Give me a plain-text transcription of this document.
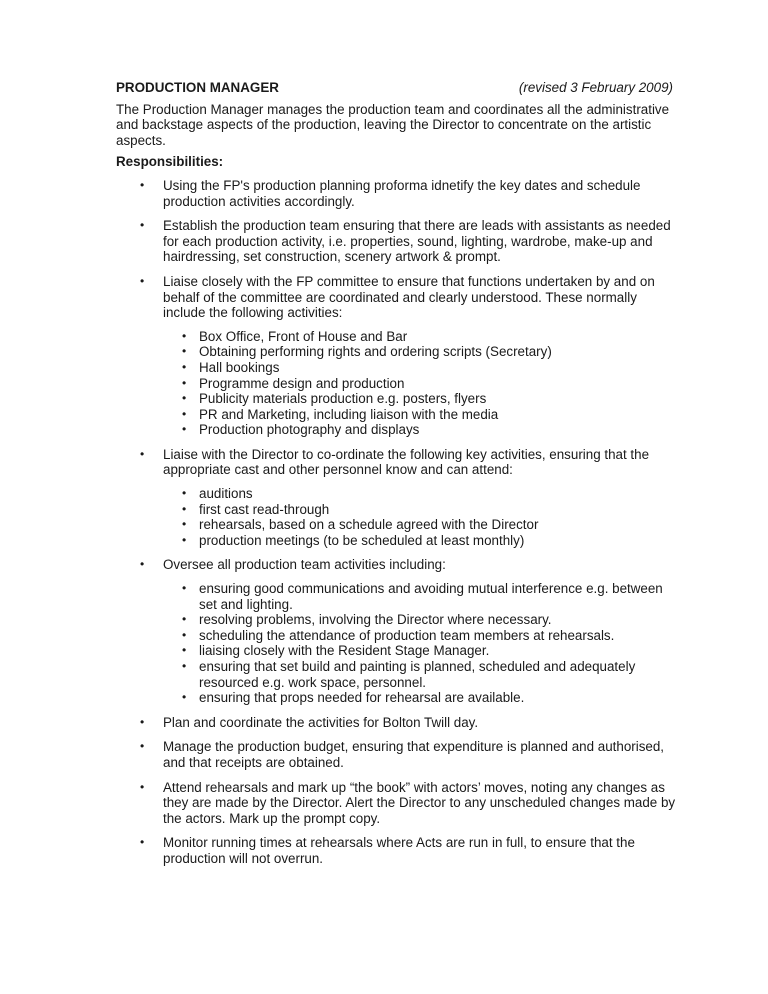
PRODUCTION MANAGER	(revised 3 February 2009)

The Production Manager manages the production team and coordinates all the administrative and backstage aspects of the production, leaving the Director to concentrate on the artistic aspects.

Responsibilities:

• Using the FP's production planning proforma idnetify the key dates and schedule production activities accordingly.
• Establish the production team ensuring that there are leads with assistants as needed for each production activity, i.e. properties, sound, lighting, wardrobe, make-up and hairdressing, set construction, scenery artwork & prompt.
• Liaise closely with the FP committee to ensure that functions undertaken by and on behalf of the committee are coordinated and clearly understood. These normally include the following activities:
• Box Office, Front of House and Bar
• Obtaining performing rights and ordering scripts (Secretary)
• Hall bookings
• Programme design and production
• Publicity materials production e.g. posters, flyers
• PR and Marketing, including liaison with the media
• Production photography and displays
• Liaise with the Director to co-ordinate the following key activities, ensuring that the appropriate cast and other personnel know and can attend:
• auditions
• first cast read-through
• rehearsals, based on a schedule agreed with the Director
• production meetings (to be scheduled at least monthly)
• Oversee all production team activities including:
• ensuring good communications and avoiding mutual interference e.g. between set and lighting.
• resolving problems, involving the Director where necessary.
• scheduling the attendance of production team members at rehearsals.
• liaising closely with the Resident Stage Manager.
• ensuring that set build and painting is planned, scheduled and adequately resourced e.g. work space, personnel.
• ensuring that props needed for rehearsal are available.
• Plan and coordinate the activities for Bolton Twill day.
• Manage the production budget, ensuring that expenditure is planned and authorised, and that receipts are obtained.
• Attend rehearsals and mark up “the book” with actors’ moves, noting any changes as they are made by the Director. Alert the Director to any unscheduled changes made by the actors. Mark up the prompt copy.
• Monitor running times at rehearsals where Acts are run in full, to ensure that the production will not overrun.
